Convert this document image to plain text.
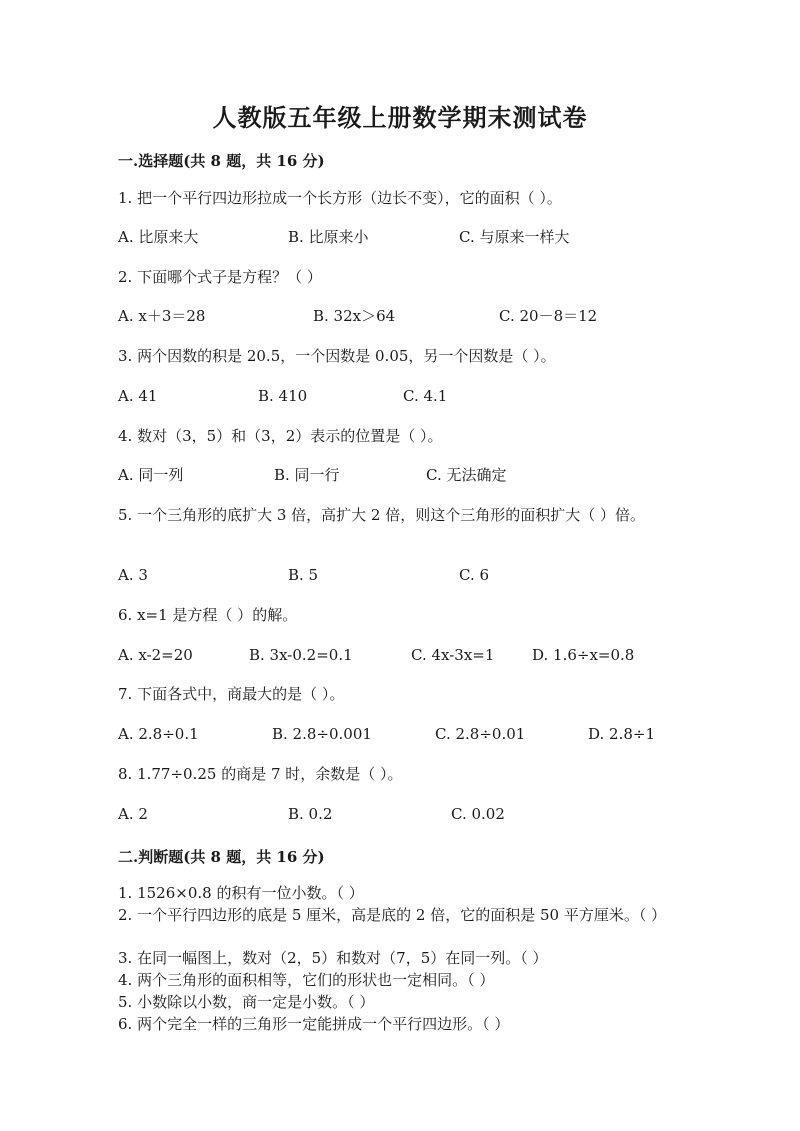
人教版五年级上册数学期末测试卷
一.选择题(共 8 题，共 16 分)
1. 把一个平行四边形拉成一个长方形（边长不变），它的面积（ ）。
A. 比原来大	B. 比原来小	C. 与原来一样大
2. 下面哪个式子是方程？（ ）
A. x＋3＝28	B. 32x＞64	C. 20－8＝12
3. 两个因数的积是 20.5，一个因数是 0.05，另一个因数是（ ）。
A. 41	B. 410	C. 4.1
4. 数对（3，5）和（3，2）表示的位置是（ ）。
A. 同一列	B. 同一行	C. 无法确定
5. 一个三角形的底扩大 3 倍，高扩大 2 倍，则这个三角形的面积扩大（ ）倍。
A. 3	B. 5	C. 6
6. x=1 是方程（ ）的解。
A. x-2=20	B. 3x-0.2=0.1	C. 4x-3x=1	D. 1.6÷x=0.8
7. 下面各式中，商最大的是（ ）。
A. 2.8÷0.1	B. 2.8÷0.001	C. 2.8÷0.01	D. 2.8÷1
8. 1.77÷0.25 的商是 7 时，余数是（ ）。
A. 2	B. 0.2	C. 0.02
二.判断题(共 8 题，共 16 分)
1. 1526×0.8 的积有一位小数。（ ）
2. 一个平行四边形的底是 5 厘米，高是底的 2 倍，它的面积是 50 平方厘米。（ ）
3. 在同一幅图上，数对（2，5）和数对（7，5）在同一列。（ ）
4. 两个三角形的面积相等，它们的形状也一定相同。（ ）
5. 小数除以小数，商一定是小数。（ ）
6. 两个完全一样的三角形一定能拼成一个平行四边形。（ ）
